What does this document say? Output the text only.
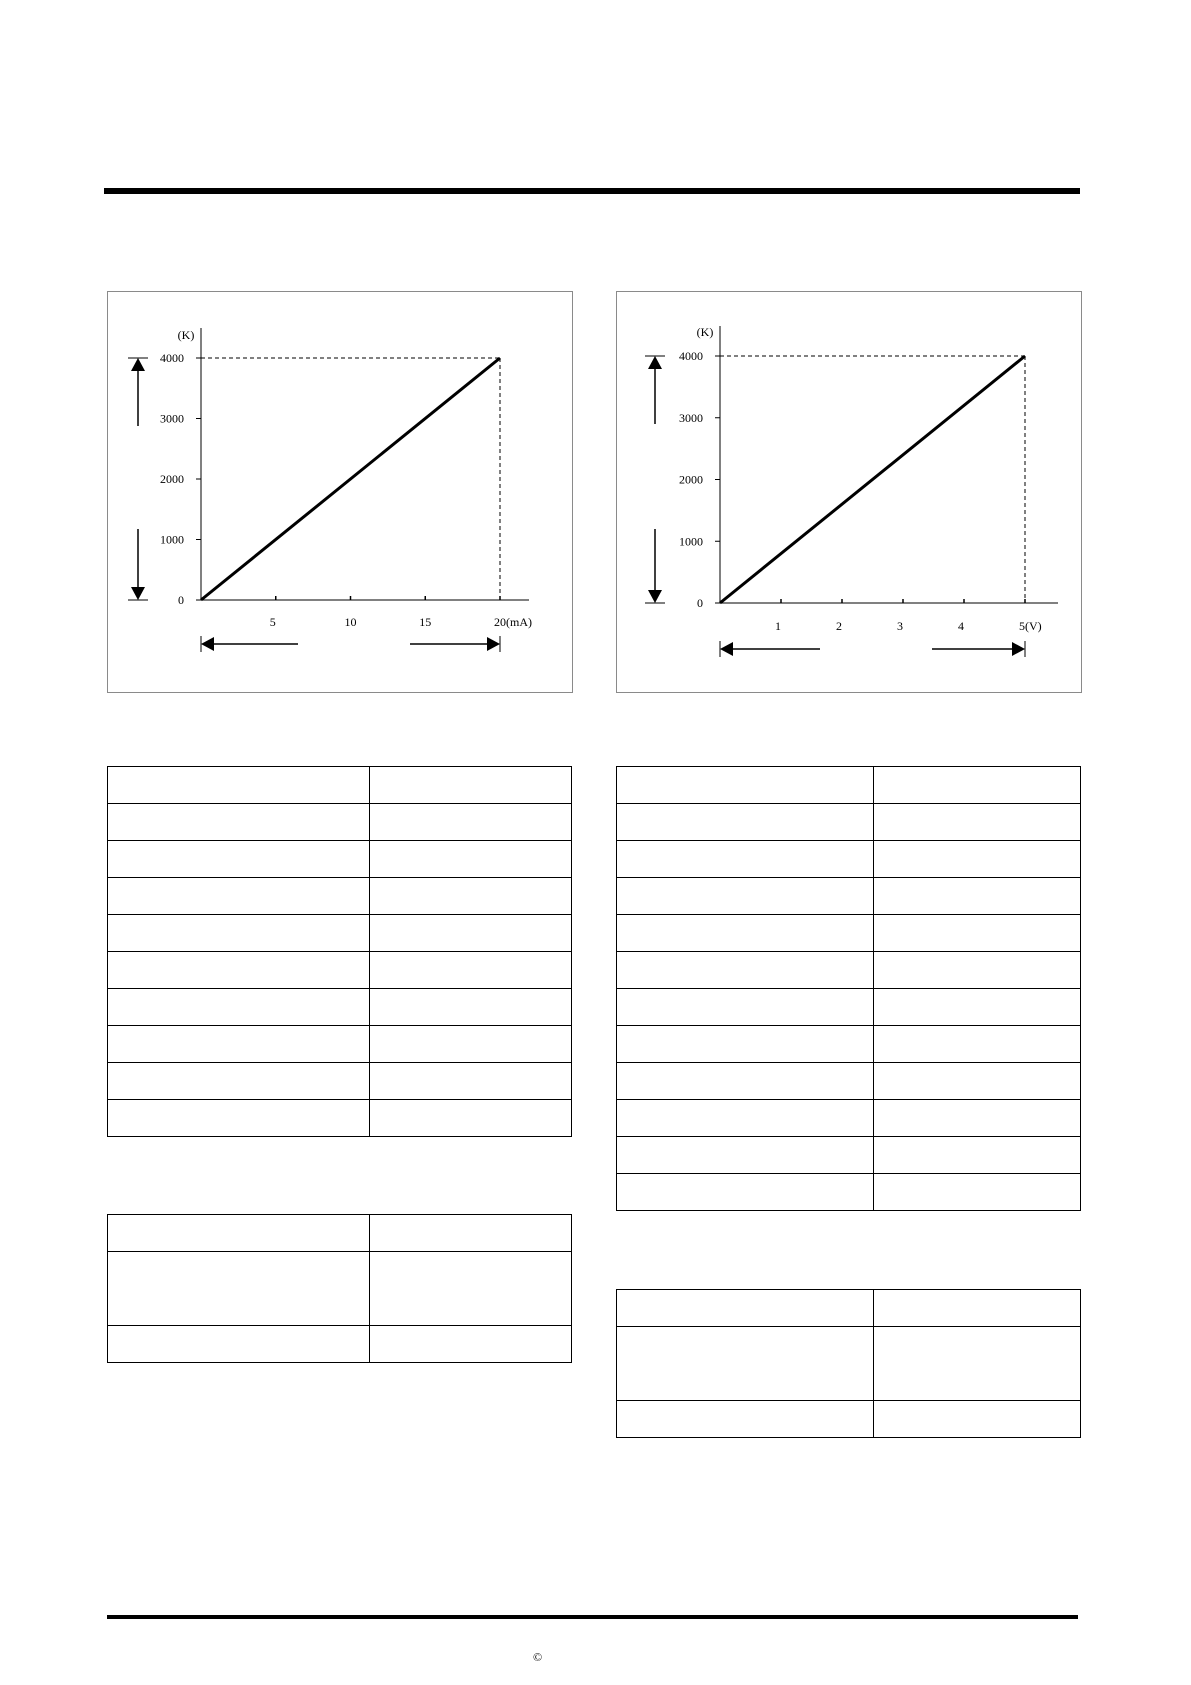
(K)
0
1000
2000
3000
4000
5	10	15	20(mA)
(K)
0
1000
2000
3000
4000
1	2	3	4	5(V)

©
